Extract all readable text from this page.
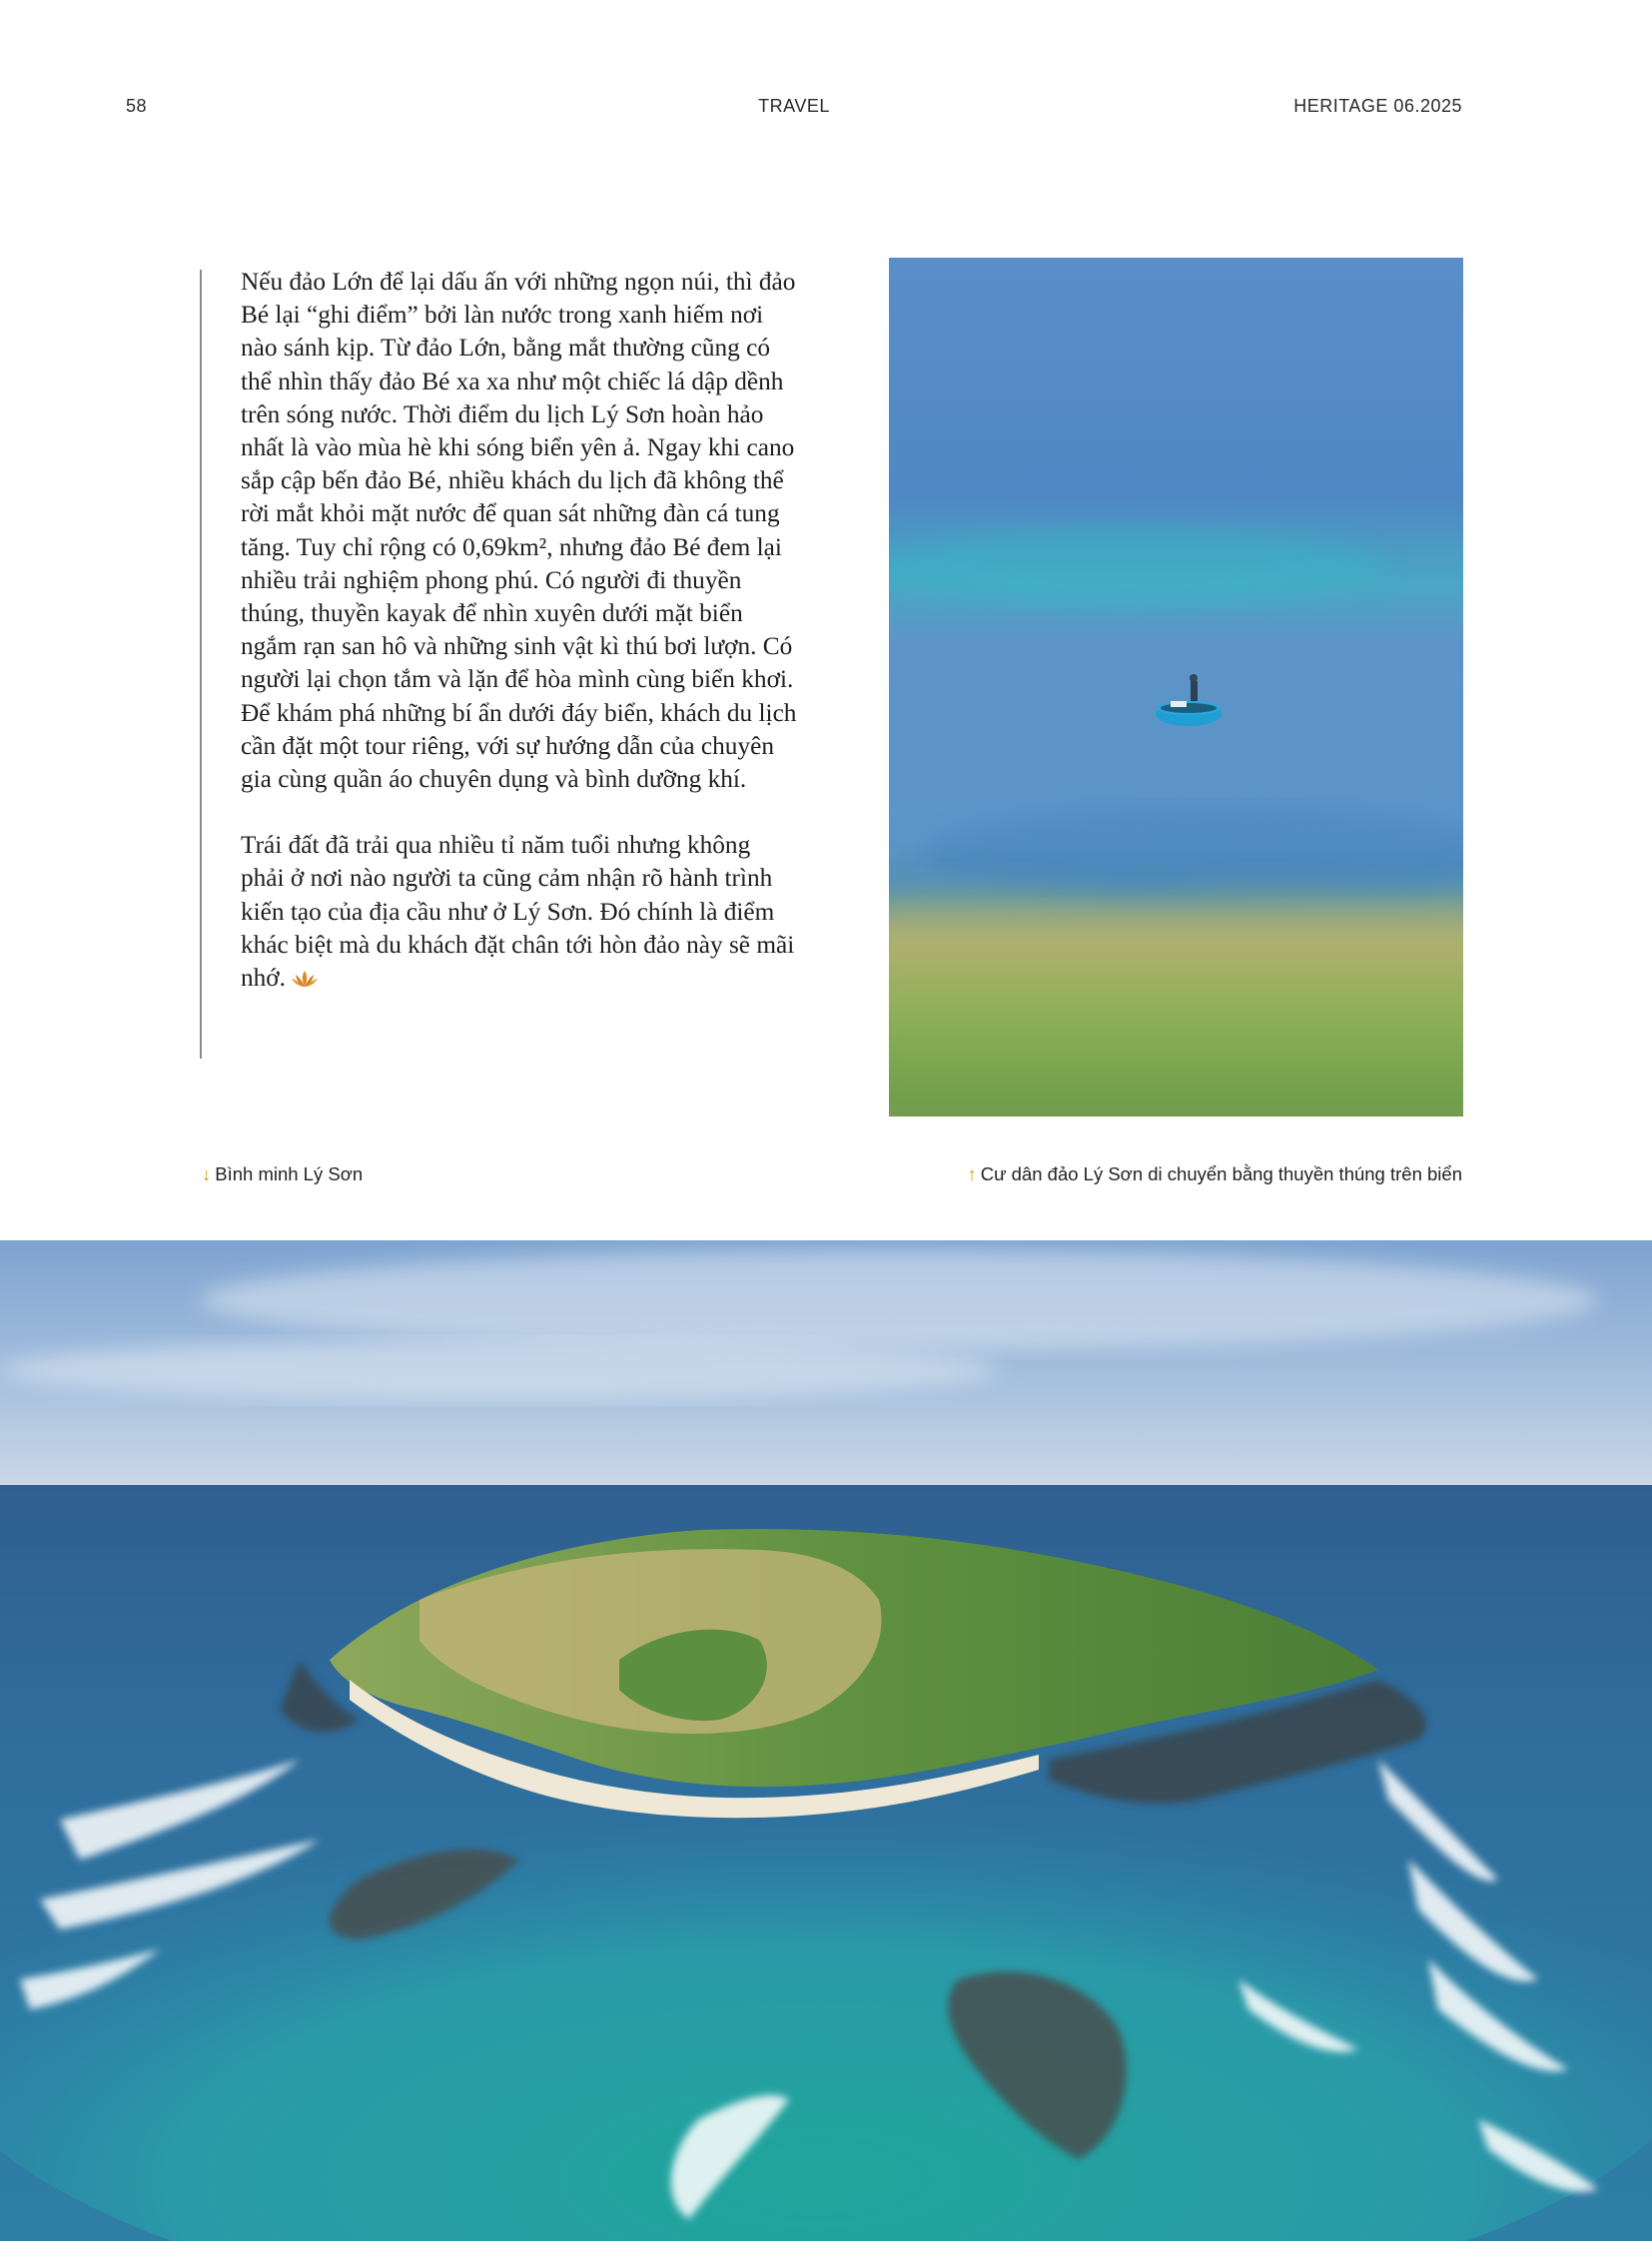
58	TRAVEL	HERITAGE 06.2025

Nếu đảo Lớn để lại dấu ấn với những ngọn núi, thì đảo Bé lại “ghi điểm” bởi làn nước trong xanh hiếm nơi nào sánh kịp. Từ đảo Lớn, bằng mắt thường cũng có thể nhìn thấy đảo Bé xa xa như một chiếc lá dập dềnh trên sóng nước. Thời điểm du lịch Lý Sơn hoàn hảo nhất là vào mùa hè khi sóng biển yên ả. Ngay khi cano sắp cập bến đảo Bé, nhiều khách du lịch đã không thể rời mắt khỏi mặt nước để quan sát những đàn cá tung tăng. Tuy chỉ rộng có 0,69km², nhưng đảo Bé đem lại nhiều trải nghiệm phong phú. Có người đi thuyền thúng, thuyền kayak để nhìn xuyên dưới mặt biển ngắm rạn san hô và những sinh vật kì thú bơi lượn. Có người lại chọn tắm và lặn để hòa mình cùng biển khơi. Để khám phá những bí ẩn dưới đáy biển, khách du lịch cần đặt một tour riêng, với sự hướng dẫn của chuyên gia cùng quần áo chuyên dụng và bình dưỡng khí.

Trái đất đã trải qua nhiều tỉ năm tuổi nhưng không phải ở nơi nào người ta cũng cảm nhận rõ hành trình kiến tạo của địa cầu như ở Lý Sơn. Đó chính là điểm khác biệt mà du khách đặt chân tới hòn đảo này sẽ mãi nhớ.

↓ Bình minh Lý Sơn	↑ Cư dân đảo Lý Sơn di chuyển bằng thuyền thúng trên biển
